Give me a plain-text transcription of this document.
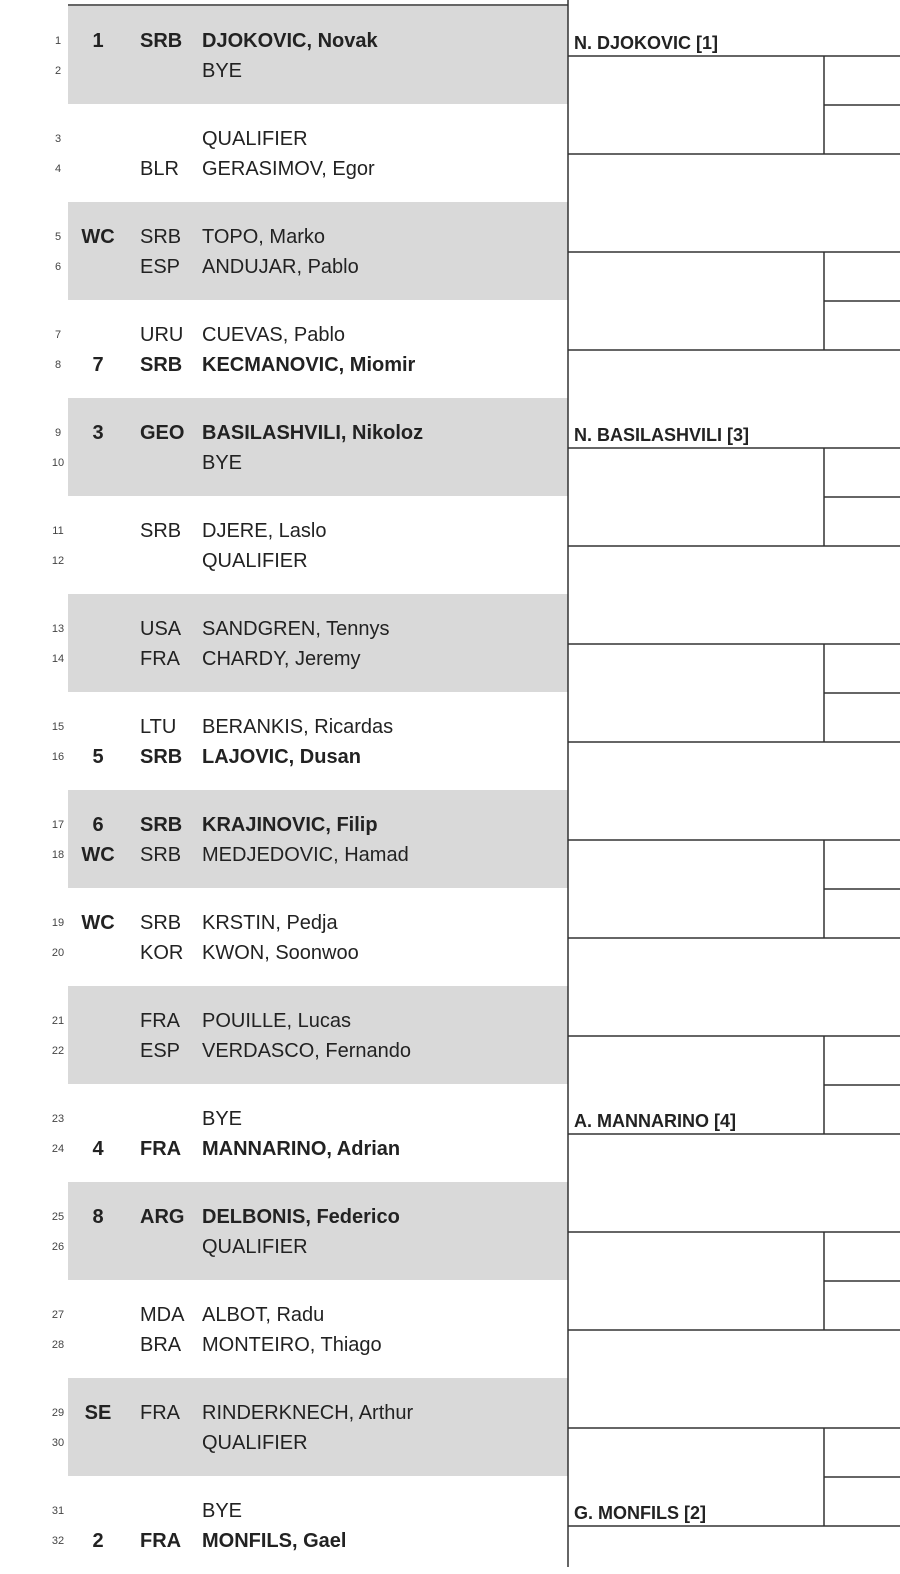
1	1	SRB DJOKOVIC, Novak
2	BYE
3	QUALIFIER
4	BLR	GERASIMOV, Egor
5	WC SRB	TOPO, Marko
6	ESP	ANDUJAR, Pablo
7	URU CUEVAS, Pablo
8	7	SRB KECMANOVIC, Miomir
9	3	GEO BASILASHVILI, Nikoloz
10	BYE
11	SRB	DJERE, Laslo
12	QUALIFIER
13	USA	SANDGREN, Tennys
14	FRA	CHARDY, Jeremy
15	LTU	BERANKIS, Ricardas
16	5	SRB LAJOVIC, Dusan
17	6	SRB KRAJINOVIC, Filip
18 WC SRB	MEDJEDOVIC, Hamad
19 WC SRB	KRSTIN, Pedja
20	KOR KWON, Soonwoo
21	FRA	POUILLE, Lucas
22	ESP	VERDASCO, Fernando
23	BYE
24	4	FRA	MANNARINO, Adrian
25	8	ARG DELBONIS, Federico
26	QUALIFIER
27	MDA ALBOT, Radu
28	BRA	MONTEIRO, Thiago
29	SE	FRA	RINDERKNECH, Arthur
30	QUALIFIER
31	BYE
32	2	FRA	MONFILS, Gael
N. DJOKOVIC [1]
N. BASILASHVILI [3]
A. MANNARINO [4]
G. MONFILS [2]
